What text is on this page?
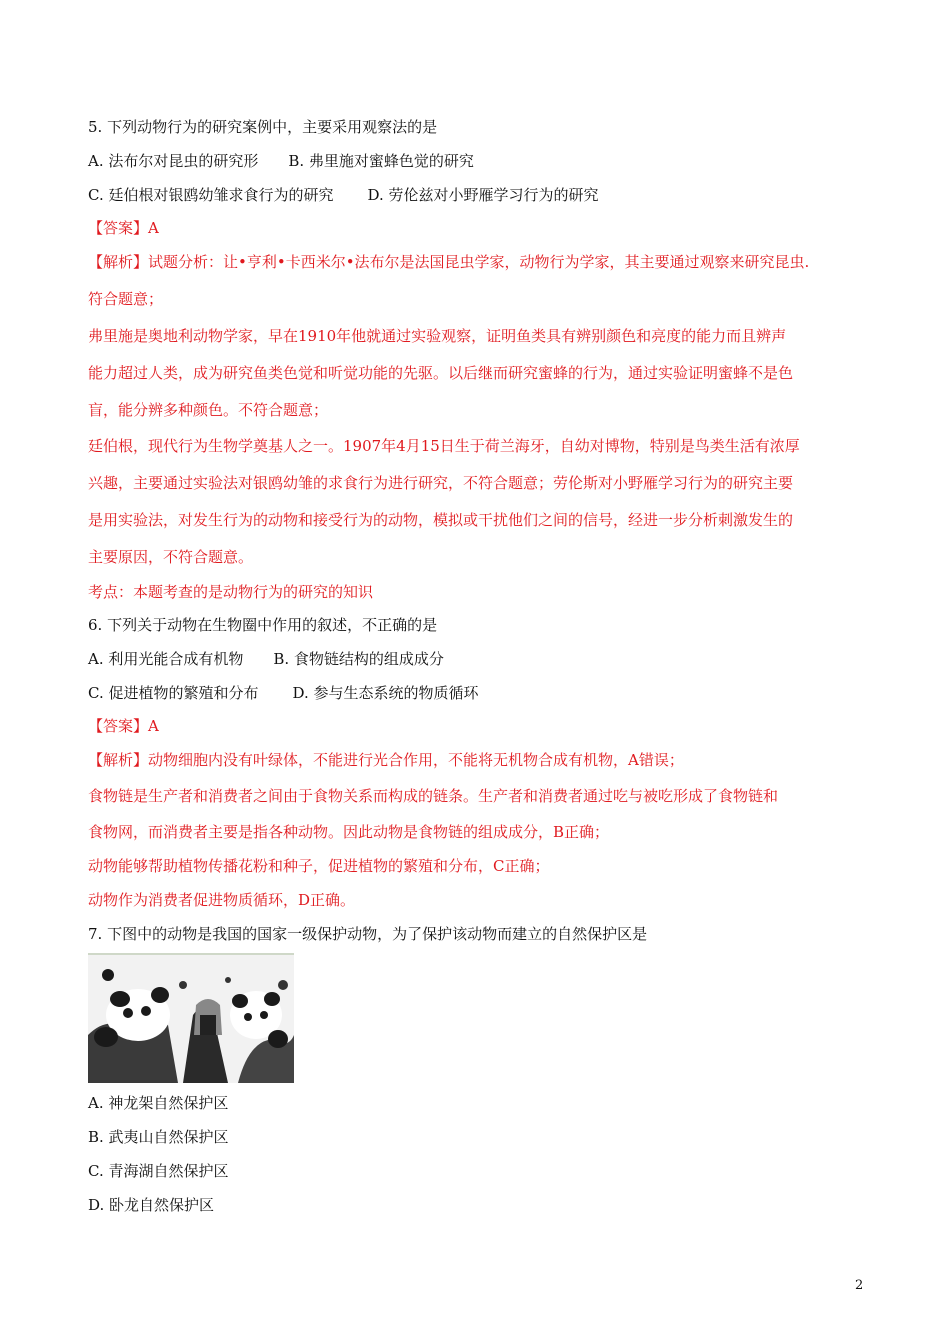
5. 下列动物行为的研究案例中，主要采用观察法的是
A. 法布尔对昆虫的研究形 B. 弗里施对蜜蜂色觉的研究
C. 廷伯根对银鸥幼雏求食行为的研究 D. 劳伦兹对小野雁学习行为的研究
【答案】A
【解析】试题分析：让•亨利•卡西米尔•法布尔是法国昆虫学家，动物行为学家，其主要通过观察来研究昆虫.
符合题意；
弗里施是奥地利动物学家，早在1910年他就通过实验观察，证明鱼类具有辨别颜色和亮度的能力而且辨声
能力超过人类，成为研究鱼类色觉和听觉功能的先驱。以后继而研究蜜蜂的行为，通过实验证明蜜蜂不是色
盲，能分辨多种颜色。不符合题意；
廷伯根，现代行为生物学奠基人之一。1907年4月15日生于荷兰海牙，自幼对博物，特别是鸟类生活有浓厚
兴趣，主要通过实验法对银鸥幼雏的求食行为进行研究，不符合题意；劳伦斯对小野雁学习行为的研究主要
是用实验法，对发生行为的动物和接受行为的动物，模拟或干扰他们之间的信号，经进一步分析刺激发生的
主要原因，不符合题意。
考点：本题考查的是动物行为的研究的知识
6. 下列关于动物在生物圈中作用的叙述，不正确的是
A. 利用光能合成有机物 B. 食物链结构的组成成分
C. 促进植物的繁殖和分布 D. 参与生态系统的物质循环
【答案】A
【解析】动物细胞内没有叶绿体，不能进行光合作用，不能将无机物合成有机物，A错误；
食物链是生产者和消费者之间由于食物关系而构成的链条。生产者和消费者通过吃与被吃形成了食物链和
食物网，而消费者主要是指各种动物。因此动物是食物链的组成成分，B正确；
动物能够帮助植物传播花粉和种子，促进植物的繁殖和分布，C正确；
动物作为消费者促进物质循环，D正确。
7. 下图中的动物是我国的国家一级保护动物，为了保护该动物而建立的自然保护区是
A. 神龙架自然保护区
B. 武夷山自然保护区
C. 青海湖自然保护区
D. 卧龙自然保护区
2
